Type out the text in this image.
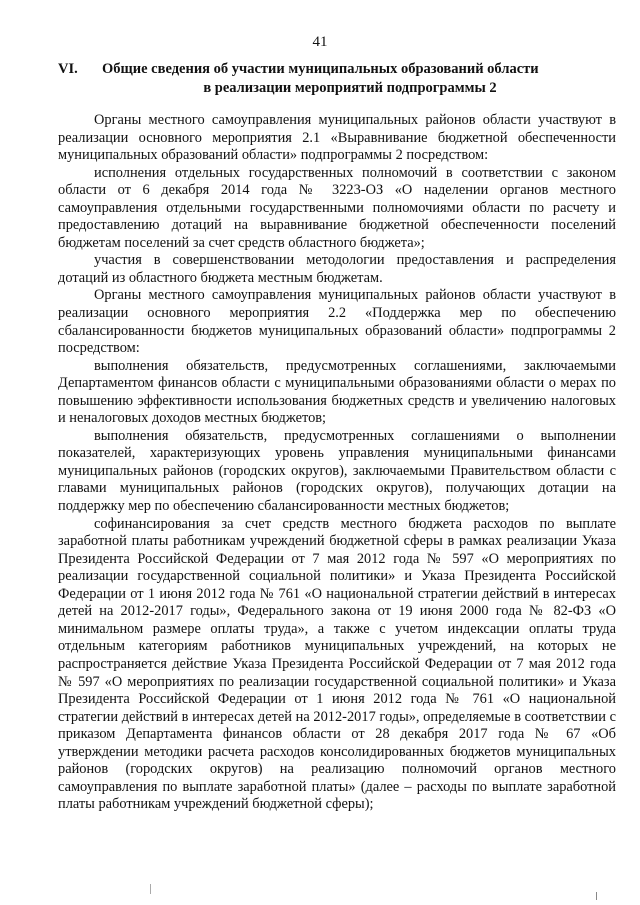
41
VI.	Общие сведения об участии муниципальных образований области
в реализации мероприятий подпрограммы 2

Органы местного самоуправления муниципальных районов области участвуют в реализации основного мероприятия 2.1 «Выравнивание бюджетной обеспеченности муниципальных образований области» подпрограммы 2 посредством:

исполнения отдельных государственных полномочий в соответствии с законом области от 6 декабря 2014 года № 3223-ОЗ «О наделении органов местного самоуправления отдельными государственными полномочиями области по расчету и предоставлению дотаций на выравнивание бюджетной обеспеченности поселений бюджетам поселений за счет средств областного бюджета»;

участия в совершенствовании методологии предоставления и распределения дотаций из областного бюджета местным бюджетам.

Органы местного самоуправления муниципальных районов области участвуют в реализации основного мероприятия 2.2 «Поддержка мер по обеспечению сбалансированности бюджетов муниципальных образований области» подпрограммы 2 посредством:

выполнения обязательств, предусмотренных соглашениями, заключаемыми Департаментом финансов области с муниципальными образованиями области о мерах по повышению эффективности использования бюджетных средств и увеличению налоговых и неналоговых доходов местных бюджетов;

выполнения обязательств, предусмотренных соглашениями о выполнении показателей, характеризующих уровень управления муниципальными финансами муниципальных районов (городских округов), заключаемыми Правительством области с главами муниципальных районов (городских округов), получающих дотации на поддержку мер по обеспечению сбалансированности местных бюджетов;

софинансирования за счет средств местного бюджета расходов по выплате заработной платы работникам учреждений бюджетной сферы в рамках реализации Указа Президента Российской Федерации от 7 мая 2012 года № 597 «О мероприятиях по реализации государственной социальной политики» и Указа Президента Российской Федерации от 1 июня 2012 года № 761 «О национальной стратегии действий в интересах детей на 2012-2017 годы», Федерального закона от 19 июня 2000 года № 82-ФЗ «О минимальном размере оплаты труда», а также с учетом индексации оплаты труда отдельным категориям работников муниципальных учреждений, на которых не распространяется действие Указа Президента Российской Федерации от 7 мая 2012 года № 597 «О мероприятиях по реализации государственной социальной политики» и Указа Президента Российской Федерации от 1 июня 2012 года № 761 «О национальной стратегии действий в интересах детей на 2012-2017 годы», определяемые в соответствии с приказом Департамента финансов области от 28 декабря 2017 года № 67 «Об утверждении методики расчета расходов консолидированных бюджетов муниципальных районов (городских округов) на реализацию полномочий органов местного самоуправления по выплате заработной платы» (далее – расходы по выплате заработной платы работникам учреждений бюджетной сферы);
